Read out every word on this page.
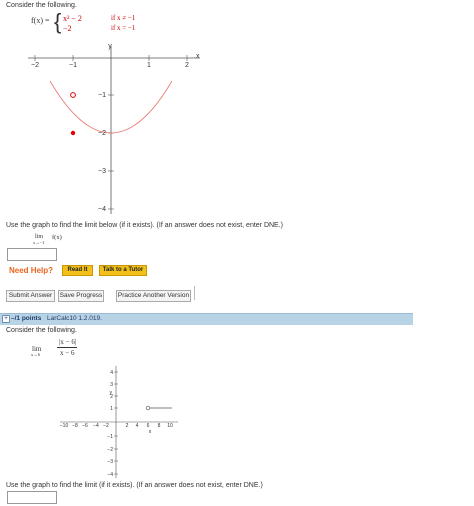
Consider the following.
f(x) = { x² − 2	if x ≠ −1
−2	if x = −1
x
y
−2	−1	1	2
−1
−2
−3
−4
y
x
4
3
2
1
−1
−2
−3
−4
−10 −8 −6 −4 −2	2 4 6 8 10
Use the graph to find the limit below (if it exists). (If an answer does not exist, enter DNE.)
lim
x→−1
f(x)
Need Help?	Read It	Talk to a Tutor
Submit Answer	Save Progress Practice Another Version
+ –/1 points LarCalc10 1.2.019.
Consider the following.
lim
x→6
|x − 6|
x − 6
Use the graph to find the limit (if it exists). (If an answer does not exist, enter DNE.)
